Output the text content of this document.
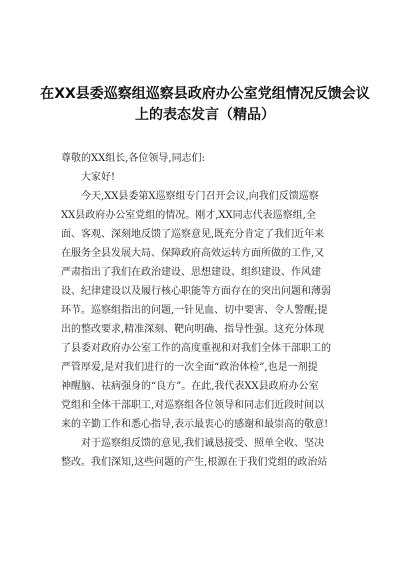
在XX县委巡察组巡察县政府办公室党组情况反馈会议
上的表态发言（精品）
尊敬的XX组长,各位领导,同志们:
大家好!
今天,XX县委第X巡察组专门召开会议,向我们反馈巡察
XX县政府办公室党组的情况。刚才,XX同志代表巡察组,全
面、客观、深刻地反馈了巡察意见,既充分肯定了我们近年来
在服务全县发展大局、保障政府高效运转方面所做的工作,又
严肃指出了我们在政治建设、思想建设、组织建设、作风建
设、纪律建设以及履行核心职能等方面存在的突出问题和薄弱
环节。巡察组指出的问题,一针见血、切中要害、令人警醒;提
出的整改要求,精准深刻、靶向明确、指导性强。这充分体现
了县委对政府办公室工作的高度重视和对我们全体干部职工的
严管厚爱,是对我们进行的一次全面“政治体检”,也是一剂提
神醒脑、祛病强身的“良方”。在此,我代表XX县政府办公室
党组和全体干部职工,对巡察组各位领导和同志们近段时间以
来的辛勤工作和悉心指导,表示最衷心的感谢和最崇高的敬意!
对于巡察组反馈的意见,我们诚恳接受、照单全收、坚决
整改。我们深知,这些问题的产生,根源在于我们党组的政治站
